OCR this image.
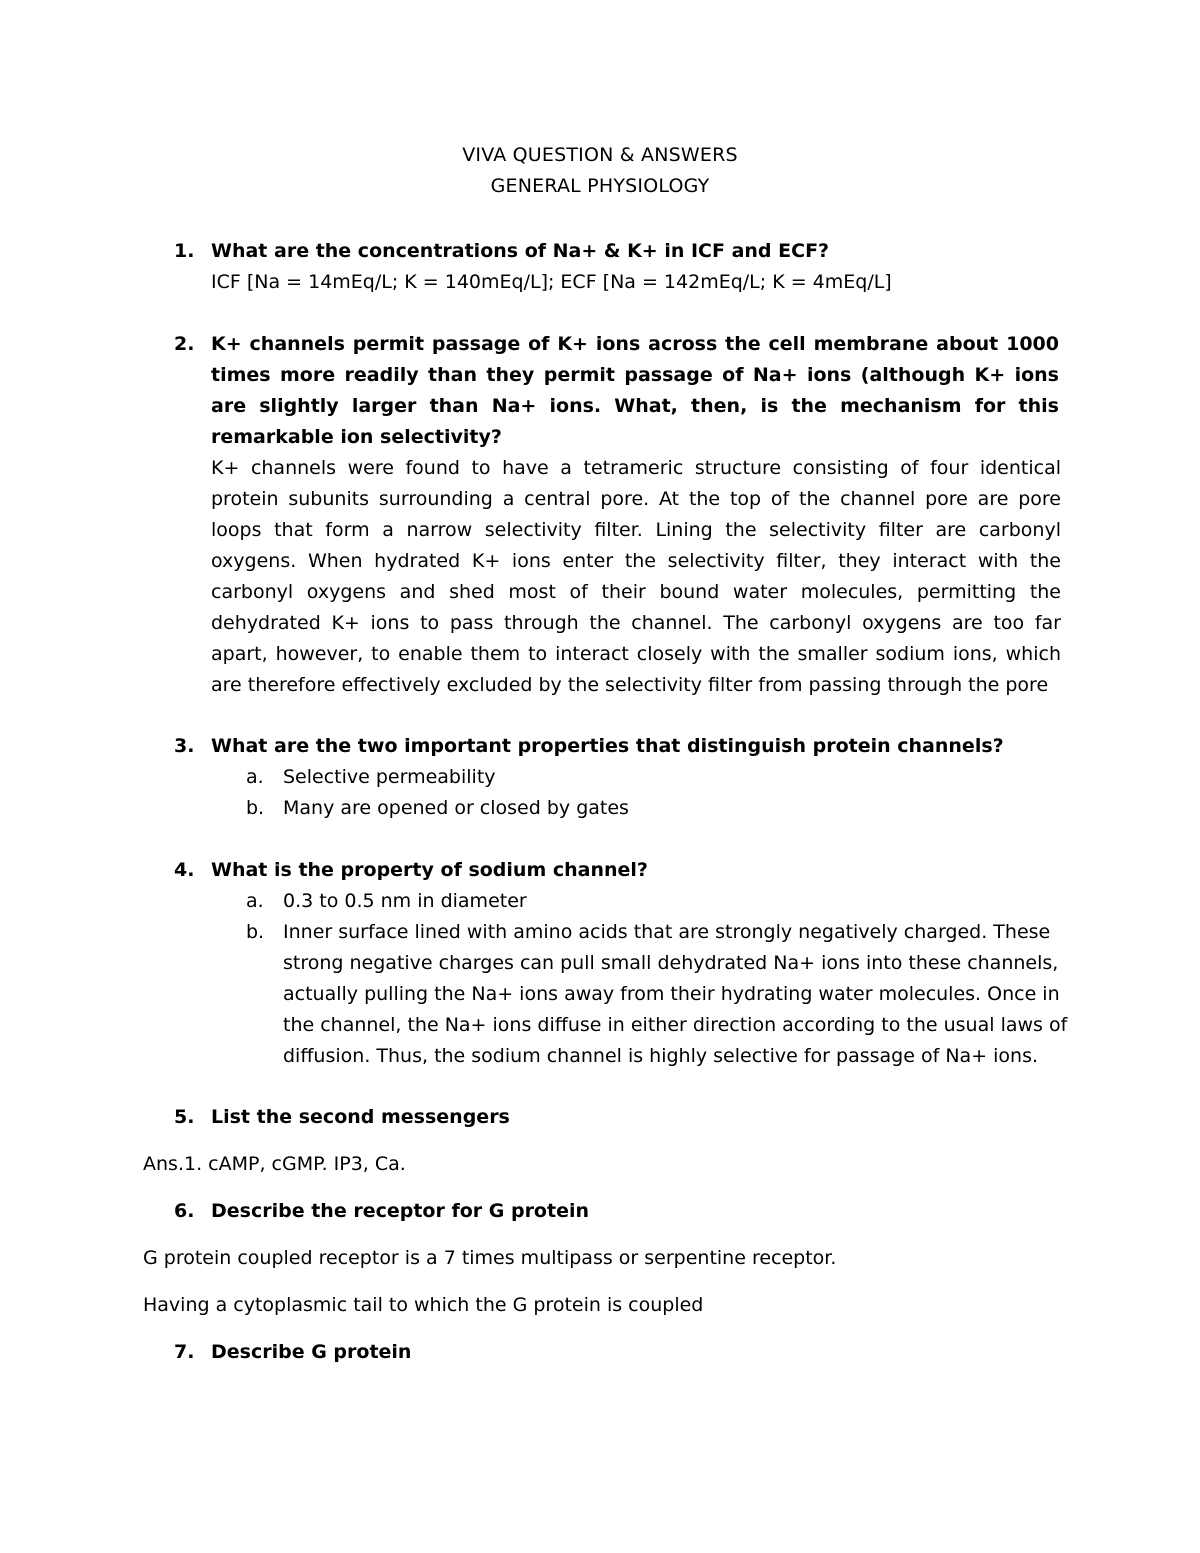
VIVA QUESTION & ANSWERS
GENERAL PHYSIOLOGY
1. What are the concentrations of Na+ & K+ in ICF and ECF?
ICF [Na = 14mEq/L; K = 140mEq/L]; ECF [Na = 142mEq/L; K = 4mEq/L]
2. K+ channels permit passage of K+ ions across the cell membrane about 1000 times more readily than they permit passage of Na+ ions (although K+ ions are slightly larger than Na+ ions. What, then, is the mechanism for this remarkable ion selectivity?
K+ channels were found to have a tetrameric structure consisting of four identical protein subunits surrounding a central pore. At the top of the channel pore are pore loops that form a narrow selectivity filter. Lining the selectivity filter are carbonyl oxygens. When hydrated K+ ions enter the selectivity filter, they interact with the carbonyl oxygens and shed most of their bound water molecules, permitting the dehydrated K+ ions to pass through the channel. The carbonyl oxygens are too far apart, however, to enable them to interact closely with the smaller sodium ions, which are therefore effectively excluded by the selectivity filter from passing through the pore
3. What are the two important properties that distinguish protein channels?
a.	Selective permeability
b. Many are opened or closed by gates
4. What is the property of sodium channel?
a.	0.3 to 0.5 nm in diameter
b. Inner surface lined with amino acids that are strongly negatively charged. These strong negative charges can pull small dehydrated Na+ ions into these channels, actually pulling the Na+ ions away from their hydrating water molecules. Once in the channel, the Na+ ions diffuse in either direction according to the usual laws of diffusion. Thus, the sodium channel is highly selective for passage of Na+ ions.
5. List the second messengers
Ans.1. cAMP, cGMP. IP3, Ca.
6. Describe the receptor for G protein
G protein coupled receptor is a 7 times multipass or serpentine receptor.
Having a cytoplasmic tail to which the G protein is coupled
7. Describe G protein
